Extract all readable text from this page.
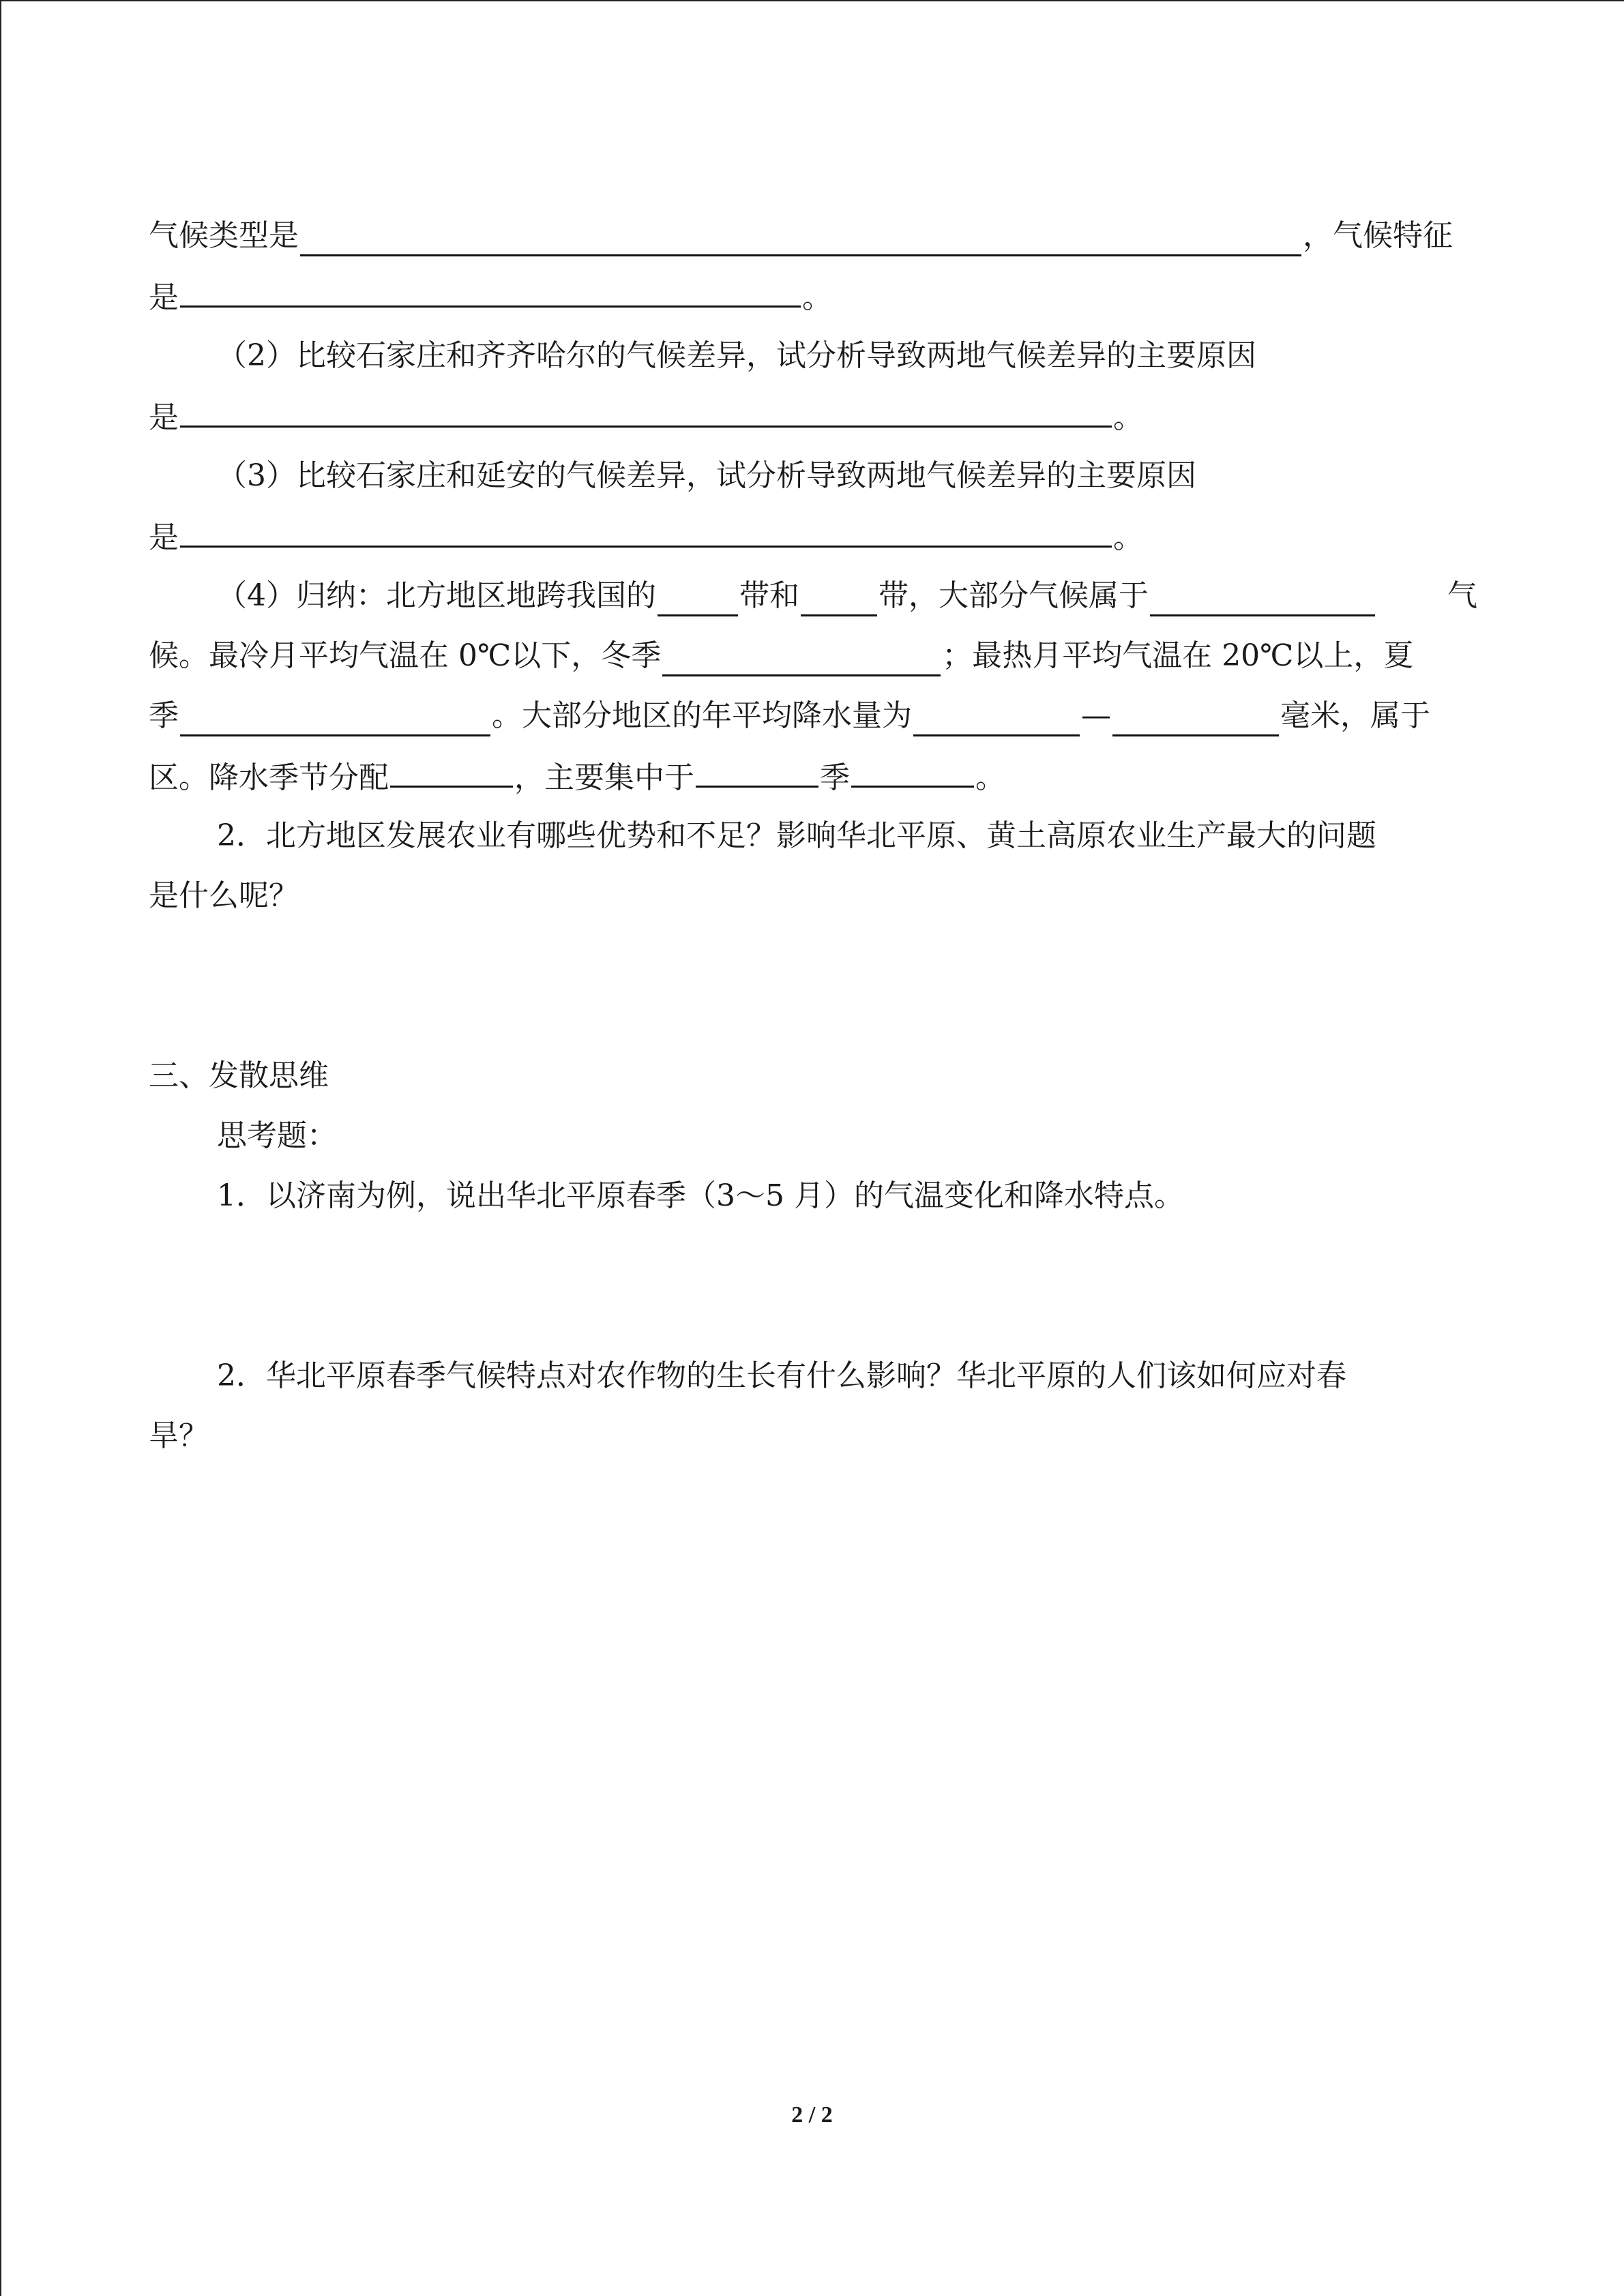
气候类型是	，气候特征
是	。
（2）比较石家庄和齐齐哈尔的气候差异，试分析导致两地气候差异的主要原因
是	。
（3）比较石家庄和延安的气候差异，试分析导致两地气候差异的主要原因
是	。
（4）归纳：北方地区地跨我国的	带和	带，大部分气候属于	气
候。最冷月平均气温在 0℃以下，冬季	；最热月平均气温在 20℃以上，夏
季	。大部分地区的年平均降水量为	—	毫米，属于
区。降水季节分配	，主要集中于	季	。
2．北方地区发展农业有哪些优势和不足？影响华北平原、黄土高原农业生产最大的问题
是什么呢？
三、发散思维
思考题：
1．以济南为例，说出华北平原春季（3～5 月）的气温变化和降水特点。
2．华北平原春季气候特点对农作物的生长有什么影响？华北平原的人们该如何应对春
旱？
2 / 2
